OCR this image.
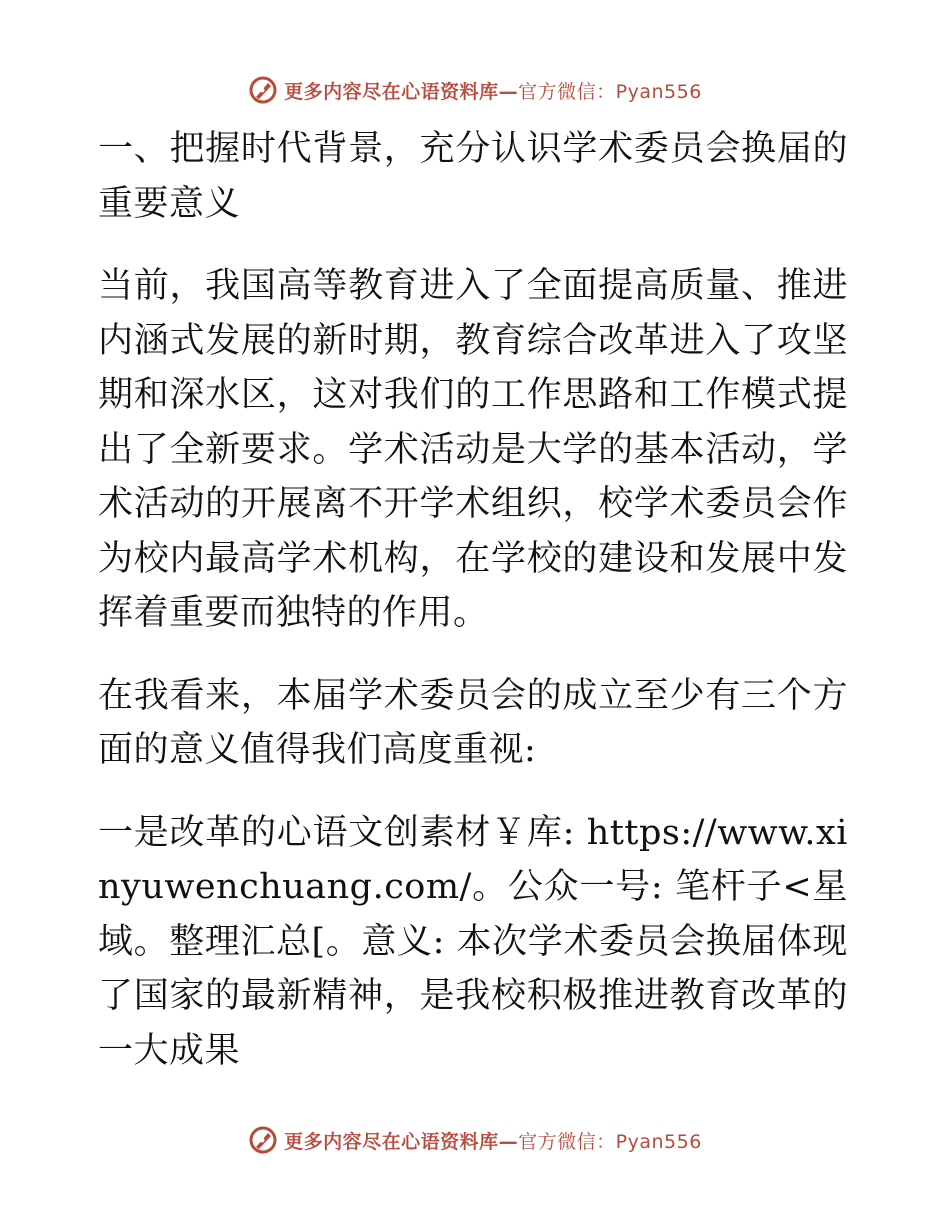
更多内容尽在心语资料库—官方微信：Pyan556

一、把握时代背景，充分认识学术委员会换届的重要意义

当前，我国高等教育进入了全面提高质量、推进内涵式发展的新时期，教育综合改革进入了攻坚期和深水区，这对我们的工作思路和工作模式提出了全新要求。学术活动是大学的基本活动，学术活动的开展离不开学术组织，校学术委员会作为校内最高学术机构，在学校的建设和发展中发挥着重要而独特的作用。

在我看来，本届学术委员会的成立至少有三个方面的意义值得我们高度重视:

一是改革的心语文创素材￥库: https://www.xinyuwenchuang.com/。公众一号: 笔杆子<星域。整理汇总[。意义: 本次学术委员会换届体现了国家的最新精神，是我校积极推进教育改革的一大成果

更多内容尽在心语资料库—官方微信：Pyan556
